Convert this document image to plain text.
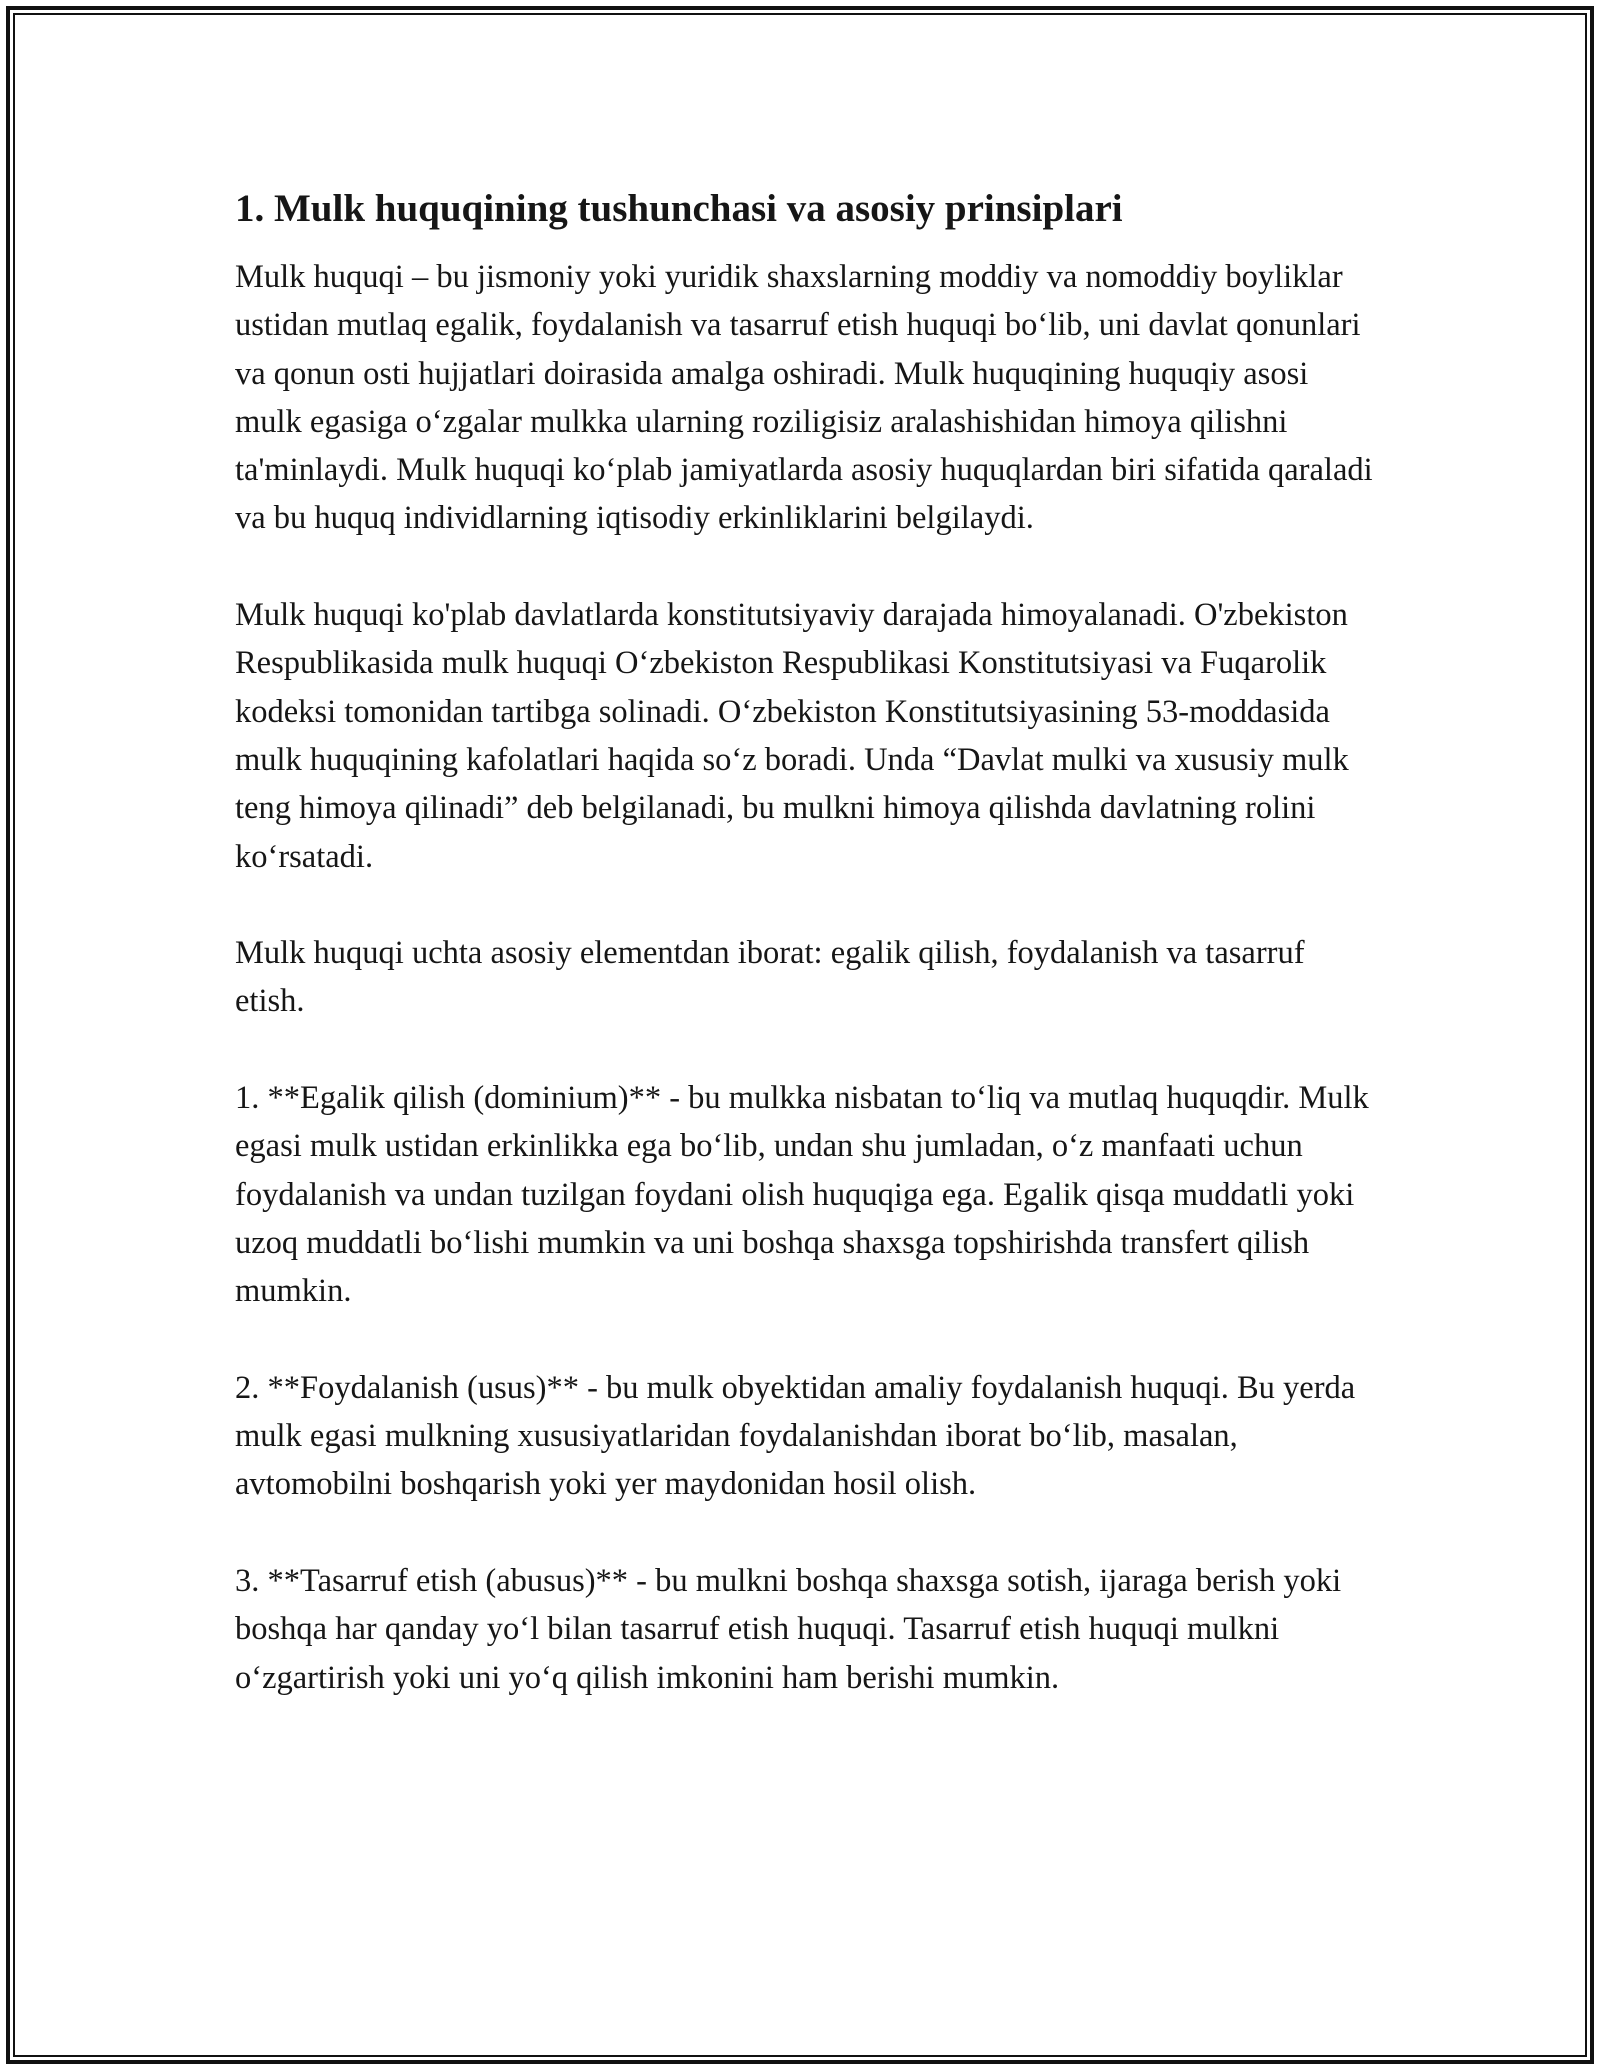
1. Mulk huquqining tushunchasi va asosiy prinsiplari

Mulk huquqi – bu jismoniy yoki yuridik shaxslarning moddiy va nomoddiy boyliklar ustidan mutlaq egalik, foydalanish va tasarruf etish huquqi bo‘lib, uni davlat qonunlari va qonun osti hujjatlari doirasida amalga oshiradi. Mulk huquqining huquqiy asosi mulk egasiga o‘zgalar mulkka ularning roziligisiz aralashishidan himoya qilishni ta'minlaydi. Mulk huquqi ko‘plab jamiyatlarda asosiy huquqlardan biri sifatida qaraladi va bu huquq individlarning iqtisodiy erkinliklarini belgilaydi.

Mulk huquqi ko'plab davlatlarda konstitutsiyaviy darajada himoyalanadi. O'zbekiston Respublikasida mulk huquqi O‘zbekiston Respublikasi Konstitutsiyasi va Fuqarolik kodeksi tomonidan tartibga solinadi. O‘zbekiston Konstitutsiyasining 53-moddasida mulk huquqining kafolatlari haqida so‘z boradi. Unda “Davlat mulki va xususiy mulk teng himoya qilinadi” deb belgilanadi, bu mulkni himoya qilishda davlatning rolini ko‘rsatadi.

Mulk huquqi uchta asosiy elementdan iborat: egalik qilish, foydalanish va tasarruf etish.

1. **Egalik qilish (dominium)** - bu mulkka nisbatan to‘liq va mutlaq huquqdir. Mulk egasi mulk ustidan erkinlikka ega bo‘lib, undan shu jumladan, o‘z manfaati uchun foydalanish va undan tuzilgan foydani olish huquqiga ega. Egalik qisqa muddatli yoki uzoq muddatli bo‘lishi mumkin va uni boshqa shaxsga topshirishda transfert qilish mumkin.

2. **Foydalanish (usus)** - bu mulk obyektidan amaliy foydalanish huquqi. Bu yerda mulk egasi mulkning xususiyatlaridan foydalanishdan iborat bo‘lib, masalan, avtomobilni boshqarish yoki yer maydonidan hosil olish.

3. **Tasarruf etish (abusus)** - bu mulkni boshqa shaxsga sotish, ijaraga berish yoki boshqa har qanday yo‘l bilan tasarruf etish huquqi. Tasarruf etish huquqi mulkni o‘zgartirish yoki uni yo‘q qilish imkonini ham berishi mumkin.
